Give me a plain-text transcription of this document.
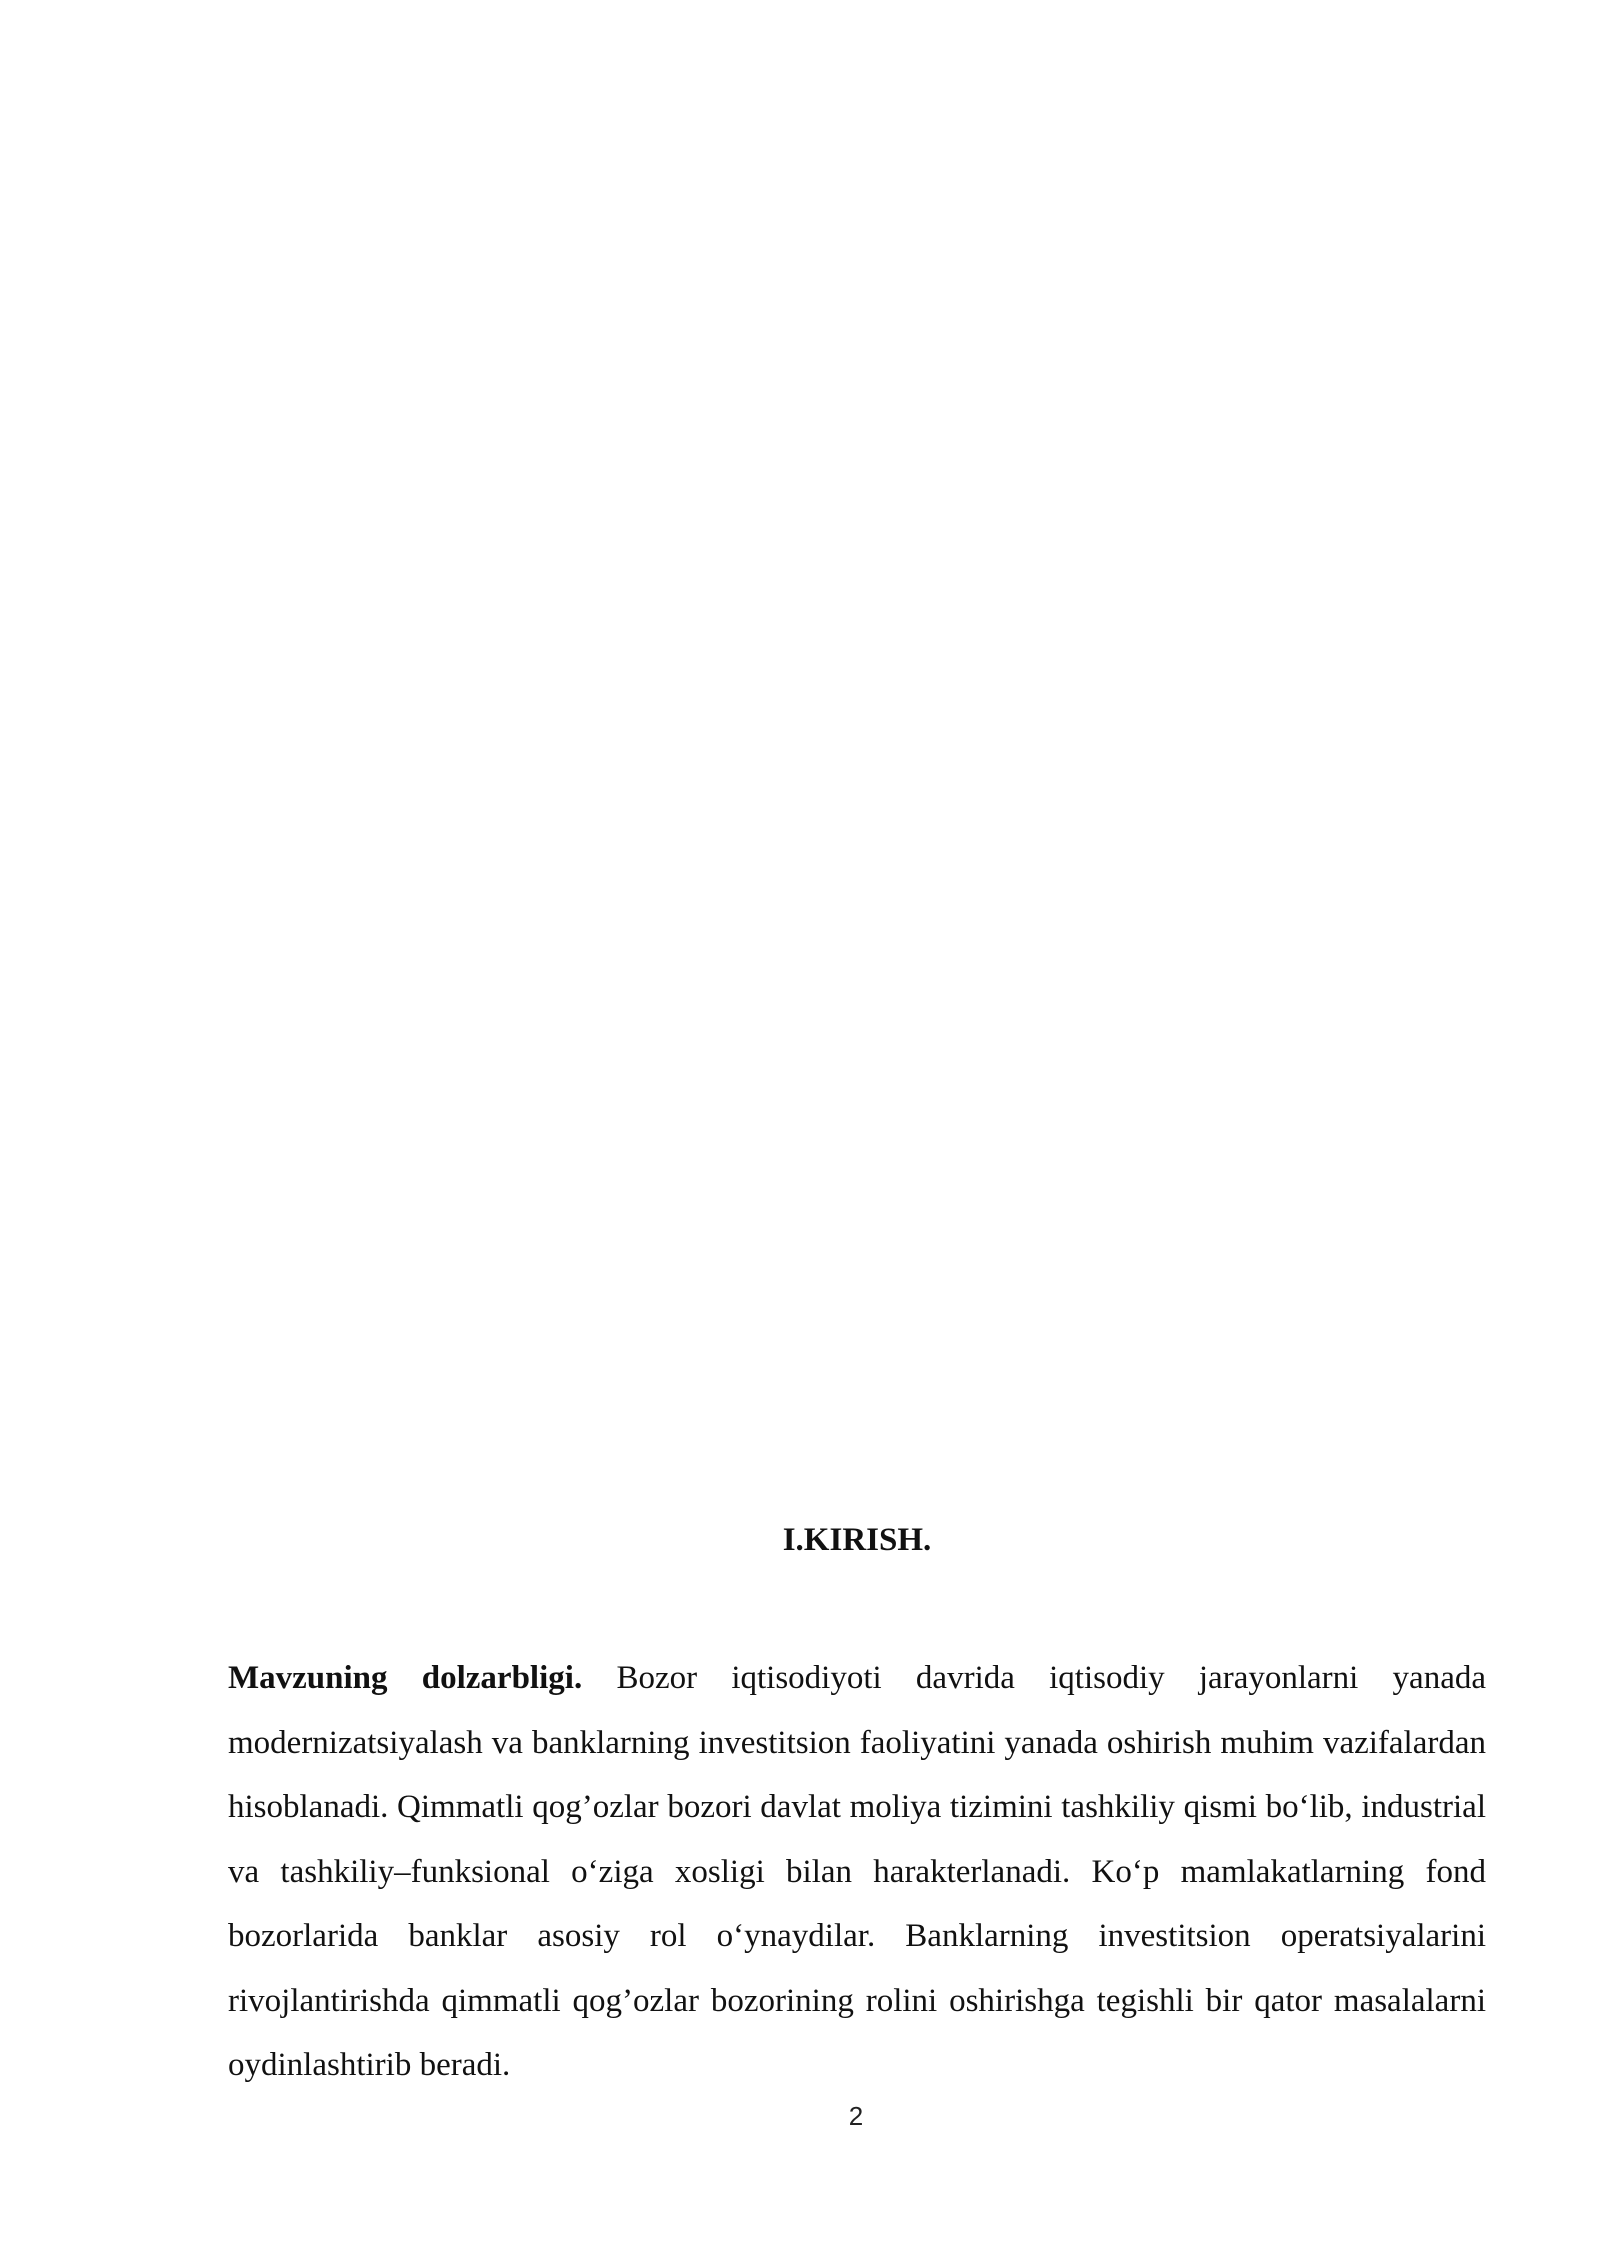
I.KIRISH.

Mavzuning dolzarbligi. Bozor iqtisodiyoti davrida iqtisodiy jarayonlarni yanada modernizatsiyalash va banklarning investitsion faoliyatini yanada oshirish muhim vazifalardan hisoblanadi. Qimmatli qog’ozlar bozori davlat moliya tizimini tashkiliy qismi bo‘lib, industrial va tashkiliy–funksional o‘ziga xosligi bilan harakterlanadi. Ko‘p mamlakatlarning fond bozorlarida banklar asosiy rol o‘ynaydilar. Banklarning investitsion operatsiyalarini rivojlantirishda qimmatli qog’ozlar bozorining rolini oshirishga tegishli bir qator masalalarni oydinlashtirib beradi.

2
